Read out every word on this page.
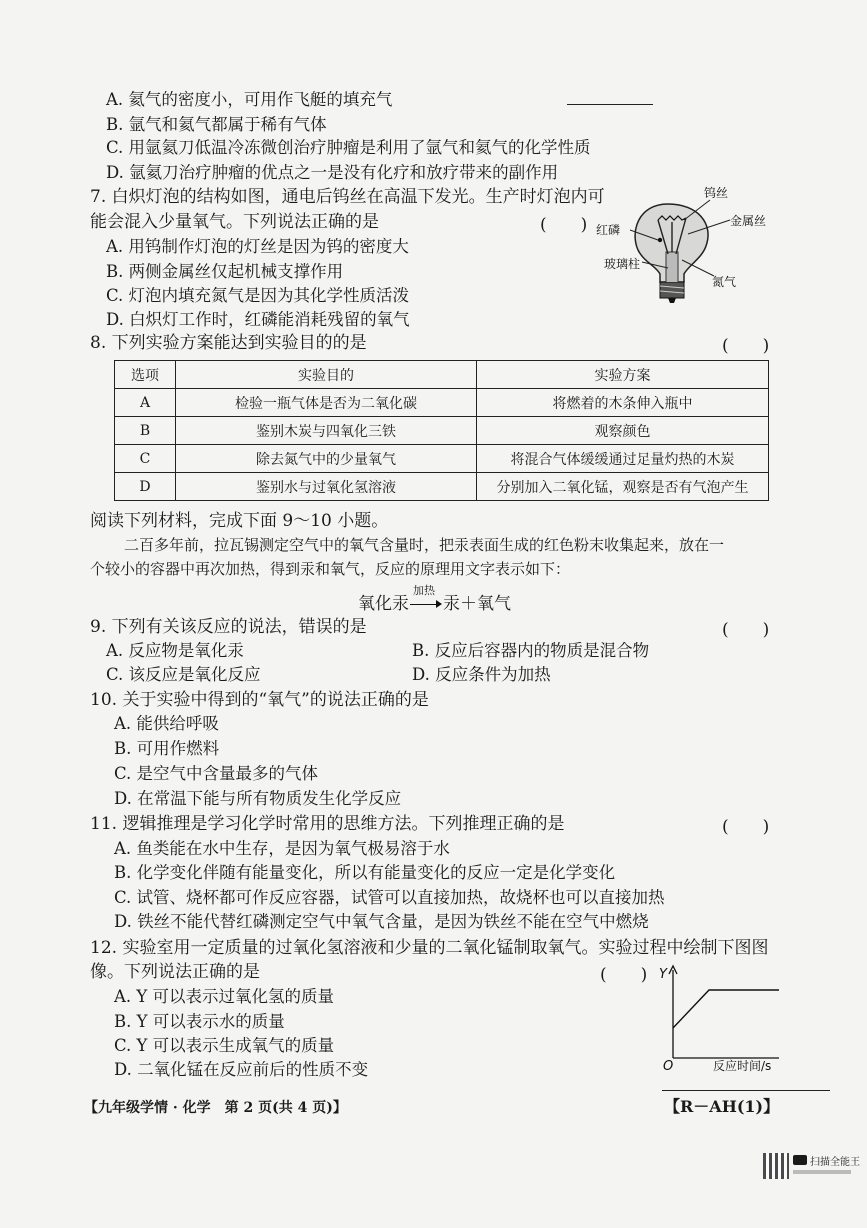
A. 氦气的密度小，可用作飞艇的填充气
B. 氩气和氦气都属于稀有气体
C. 用氩氦刀低温冷冻微创治疗肿瘤是利用了氩气和氦气的化学性质
D. 氩氦刀治疗肿瘤的优点之一是没有化疗和放疗带来的副作用
7. 白炽灯泡的结构如图，通电后钨丝在高温下发光。生产时灯泡内可
能会混入少量氧气。下列说法正确的是	(　　)
A. 用钨制作灯泡的灯丝是因为钨的密度大
B. 两侧金属丝仅起机械支撑作用
C. 灯泡内填充氮气是因为其化学性质活泼
D. 白炽灯工作时，红磷能消耗残留的氧气
钨丝
金属丝
红磷
玻璃柱
氮气
8. 下列实验方案能达到实验目的的是	(　　)
选项	实验目的	实验方案
A	检验一瓶气体是否为二氧化碳	将燃着的木条伸入瓶中
B	鉴别木炭与四氧化三铁	观察颜色
C	除去氮气中的少量氧气	将混合气体缓缓通过足量灼热的木炭
D	鉴别水与过氧化氢溶液	分别加入二氧化锰，观察是否有气泡产生
阅读下列材料，完成下面 9～10 小题。
二百多年前，拉瓦锡测定空气中的氧气含量时，把汞表面生成的红色粉末收集起来，放在一
个较小的容器中再次加热，得到汞和氧气，反应的原理用文字表示如下：
氧化汞
加热
汞＋氧气
9. 下列有关该反应的说法，错误的是	(　　)
A. 反应物是氧化汞	B. 反应后容器内的物质是混合物
C. 该反应是氧化反应	D. 反应条件为加热
10. 关于实验中得到的“氧气”的说法正确的是
A. 能供给呼吸
B. 可用作燃料
C. 是空气中含量最多的气体
D. 在常温下能与所有物质发生化学反应
11. 逻辑推理是学习化学时常用的思维方法。下列推理正确的是	(　　)
A. 鱼类能在水中生存，是因为氧气极易溶于水
B. 化学变化伴随有能量变化，所以有能量变化的反应一定是化学变化
C. 试管、烧杯都可作反应容器，试管可以直接加热，故烧杯也可以直接加热
D. 铁丝不能代替红磷测定空气中氧气含量，是因为铁丝不能在空气中燃烧
12. 实验室用一定质量的过氧化氢溶液和少量的二氧化锰制取氧气。实验过程中绘制下图图
像。下列说法正确的是	(　　)
A. Y 可以表示过氧化氢的质量
B. Y 可以表示水的质量
C. Y 可以表示生成氧气的质量
D. 二氧化锰在反应前后的性质不变
Y
O	反应时间/s
【九年级学情 · 化学　第 2 页(共 4 页)】	【R－AH(1)】
扫描全能王
